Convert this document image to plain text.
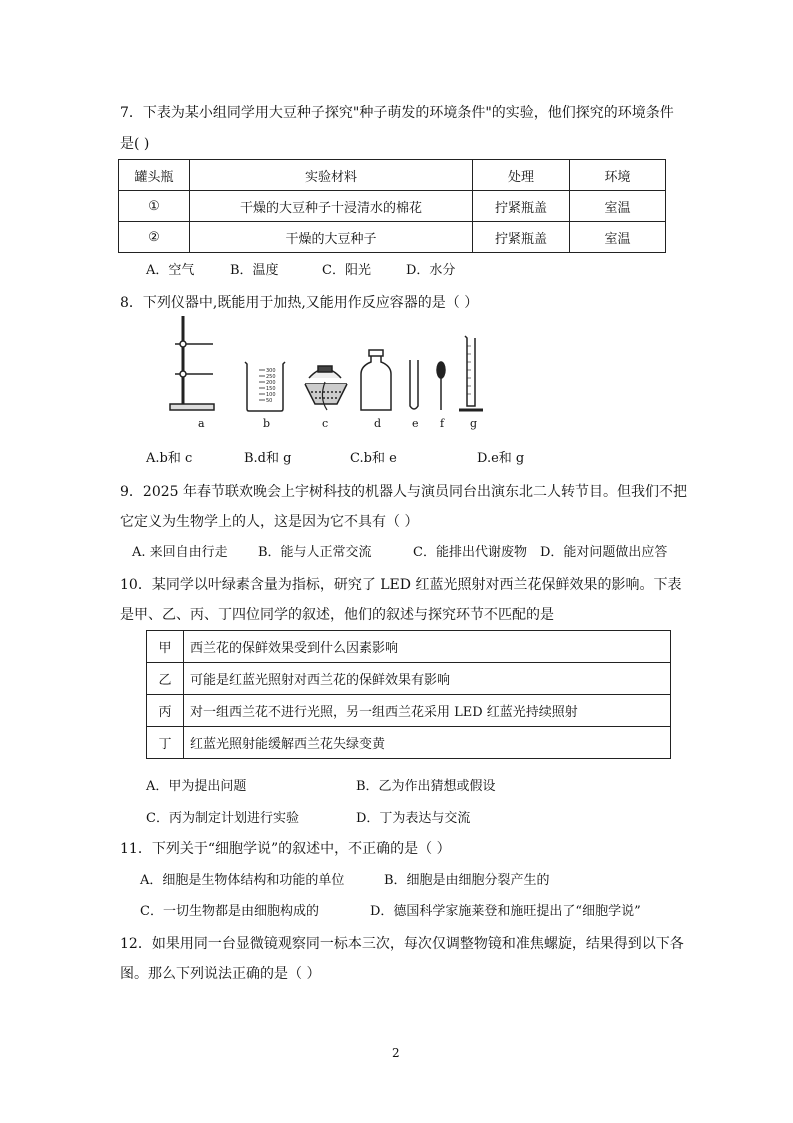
7．下表为某小组同学用大豆种子探究"种子萌发的环境条件"的实验，他们探究的环境条件
是( )
罐头瓶	实验材料	处理	环境
①	干燥的大豆种子十浸清水的棉花	拧紧瓶盖	室温
②	干燥的大豆种子	拧紧瓶盖	室温
A．空气	B．温度	C．阳光	D．水分
8．下列仪器中,既能用于加热,又能用作反应容器的是（ ）
300
250
200
150
100
50
a	b	c	d	e f g
A.b和 c	B.d和 g	C.b和 e	D.e和 g
9．2025 年春节联欢晚会上宇树科技的机器人与演员同台出演东北二人转节目。但我们不把
它定义为生物学上的人，这是因为它不具有（ ）
A. 来回自由行走 B．能与人正常交流	C．能排出代谢废物 D．能对问题做出应答
10．某同学以叶绿素含量为指标，研究了 LED 红蓝光照射对西兰花保鲜效果的影响。下表
是甲、乙、丙、丁四位同学的叙述，他们的叙述与探究环节不匹配的是
甲	西兰花的保鲜效果受到什么因素影响
乙	可能是红蓝光照射对西兰花的保鲜效果有影响
丙	对一组西兰花不进行光照，另一组西兰花采用 LED 红蓝光持续照射
丁	红蓝光照射能缓解西兰花失绿变黄
A．甲为提出问题	B．乙为作出猜想或假设
C．丙为制定计划进行实验	D．丁为表达与交流
11．下列关于“细胞学说”的叙述中，不正确的是（ ）
A．细胞是生物体结构和功能的单位	B．细胞是由细胞分裂产生的
C．一切生物都是由细胞构成的	D．德国科学家施莱登和施旺提出了“细胞学说”
12．如果用同一台显微镜观察同一标本三次，每次仅调整物镜和准焦螺旋，结果得到以下各
图。那么下列说法正确的是（ ）
2
